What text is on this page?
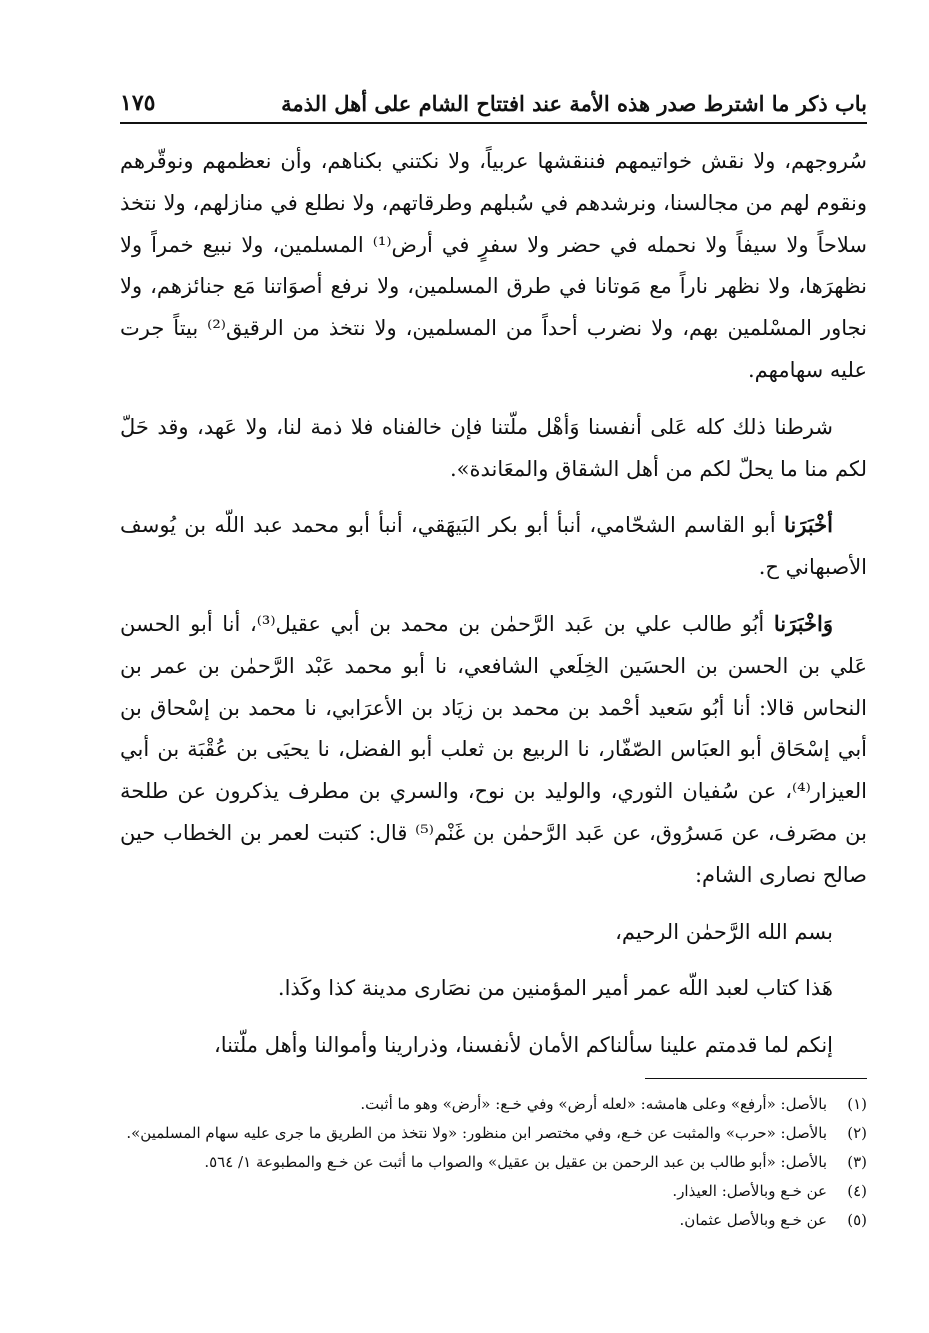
باب ذكر ما اشترط صدر هذه الأمة عند افتتاح الشام على أهل الذمة
١٧٥

سُروجهم، ولا نقش خواتيمهم فننقشها عربياً، ولا نكتني بكناهم، وأن نعظمهم ونوقّرهم ونقوم لهم من مجالسنا، ونرشدهم في سُبلهم وطرقاتهم، ولا نطلع في منازلهم، ولا نتخذ سلاحاً ولا سيفاً ولا نحمله في حضر ولا سفرٍ في أرض⁽¹⁾ المسلمين، ولا نبيع خمراً ولا نظهرَها، ولا نظهر ناراً مع مَوتانا في طرق المسلمين، ولا نرفع أصوَاتنا مَع جنائزهم، ولا نجاور المسْلمين بهم، ولا نضرب أحداً من المسلمين، ولا نتخذ من الرقيق⁽²⁾ بيتاً جرت عليه سهامهم.

شرطنا ذلك كله عَلى أنفسنا وَأهْل ملّتنا فإن خالفناه فلا ذمة لنا، ولا عَهد، وقد حَلّ لكم منا ما يحلّ لكم من أهل الشقاق والمعَاندة».

أخْبَرَنا أبو القاسم الشحّامي، أنبأ أبو بكر البَيهَقي، أنبأ أبو محمد عبد اللّه بن يُوسف الأصبهاني ح.

وَاخْبَرَنا أبُو طالب علي بن عَبد الرَّحمٰن بن محمد بن أبي عقيل⁽³⁾، أنا أبو الحسن عَلي بن الحسن بن الحسَين الخِلَعي الشافعي، نا أبو محمد عَبْد الرَّحمٰن بن عمر بن النحاس قالا: أنا أبُو سَعيد أحْمد بن محمد بن زيَاد بن الأعرَابي، نا محمد بن إسْحاق بن أبي إسْحَاق أبو العبَاس الصّفّار، نا الربيع بن ثعلب أبو الفضل، نا يحيَى بن عُقْبَة بن أبي العيزار⁽⁴⁾، عن سُفيان الثوري، والوليد بن نوح، والسري بن مطرف يذكرون عن طلحة بن مصَرف، عن مَسرُوق، عن عَبد الرَّحمٰن بن غَنْم⁽⁵⁾ قال: كتبت لعمر بن الخطاب حين صالح نصارى الشام:

بسم الله الرَّحمٰن الرحيم،

هَذا كتاب لعبد اللّه عمر أمير المؤمنين من نصَارى مدينة كذا وكَذا.

إنكم لما قدمتم علينا سألناكم الأمان لأنفسنا، وذرارينا وأموالنا وأهل ملّتنا،

(١)
بالأصل: «أرفع» وعلى هامشه: «لعله أرض» وفي خـع: «أرض» وهو ما أثبت.
(٢)
بالأصل: «حرب» والمثبت عن خـع، وفي مختصر ابن منظور: «ولا نتخذ من الطريق ما جرى عليه سهام المسلمين».
(٣)
بالأصل: «أبو طالب بن عبد الرحمن بن عقيل بن عقيل» والصواب ما أثبت عن خـع والمطبوعة ١/ ٥٦٤.
(٤)
عن خـع وبالأصل: العيذار.
(٥)
عن خـع وبالأصل عثمان.
